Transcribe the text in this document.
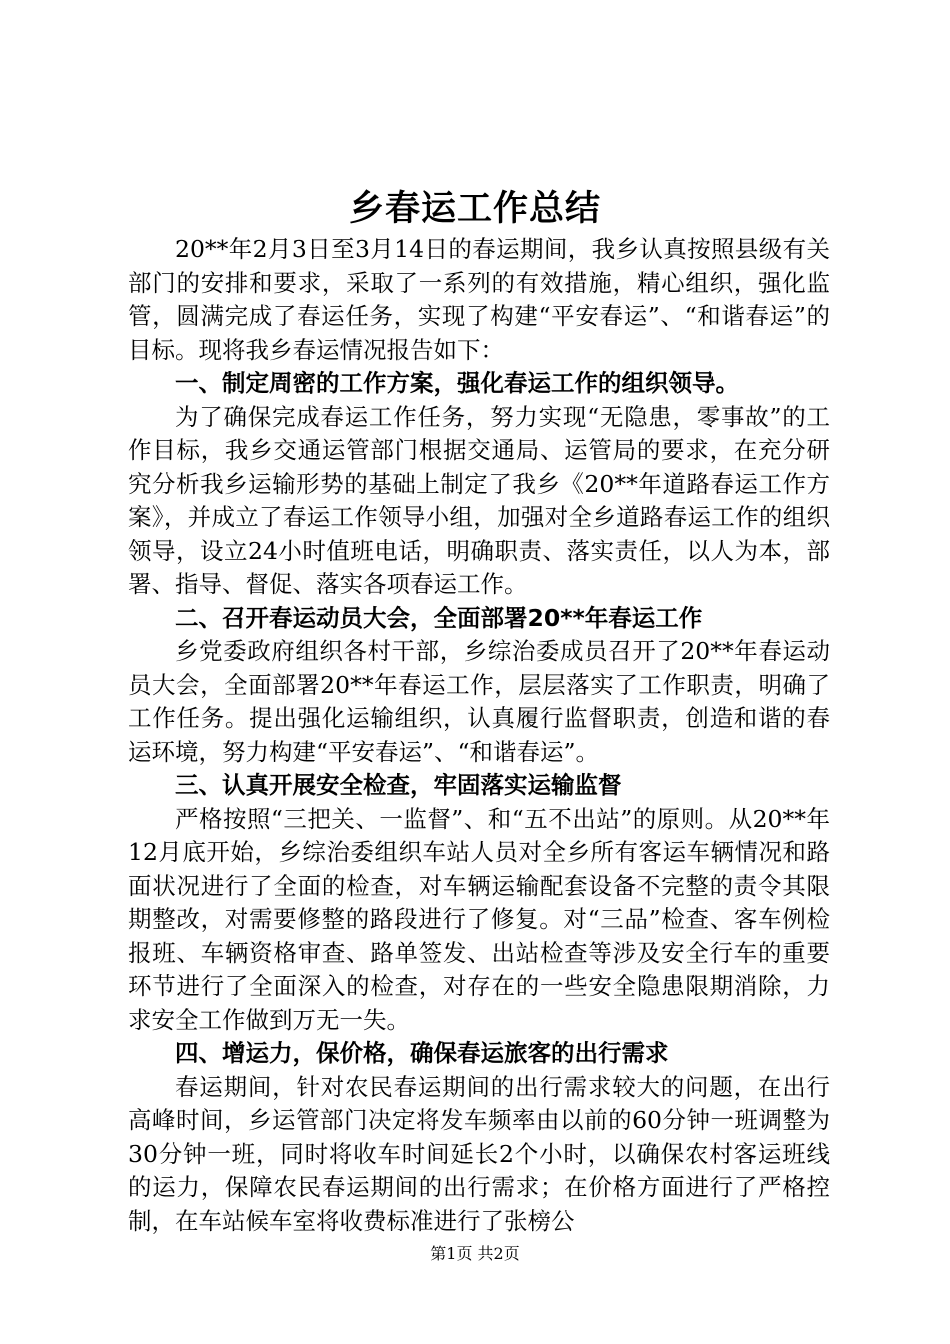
乡春运工作总结

20**年2月3日至3月14日的春运期间，我乡认真按照县级有关部门的安排和要求，采取了一系列的有效措施，精心组织，强化监管，圆满完成了春运任务，实现了构建“平安春运”、“和谐春运”的目标。现将我乡春运情况报告如下：

一、制定周密的工作方案，强化春运工作的组织领导。

为了确保完成春运工作任务，努力实现“无隐患，零事故”的工作目标，我乡交通运管部门根据交通局、运管局的要求，在充分研究分析我乡运输形势的基础上制定了我乡《20**年道路春运工作方案》，并成立了春运工作领导小组，加强对全乡道路春运工作的组织领导，设立24小时值班电话，明确职责、落实责任，以人为本，部署、指导、督促、落实各项春运工作。

二、召开春运动员大会，全面部署20**年春运工作

乡党委政府组织各村干部，乡综治委成员召开了20**年春运动员大会，全面部署20**年春运工作，层层落实了工作职责，明确了工作任务。提出强化运输组织，认真履行监督职责，创造和谐的春运环境，努力构建“平安春运”、“和谐春运”。

三、认真开展安全检查，牢固落实运输监督

严格按照“三把关、一监督”、和“五不出站”的原则。从20**年12月底开始，乡综治委组织车站人员对全乡所有客运车辆情况和路面状况进行了全面的检查，对车辆运输配套设备不完整的责令其限期整改，对需要修整的路段进行了修复。对“三品”检查、客车例检报班、车辆资格审查、路单签发、出站检查等涉及安全行车的重要环节进行了全面深入的检查，对存在的一些安全隐患限期消除，力求安全工作做到万无一失。

四、增运力，保价格，确保春运旅客的出行需求

春运期间，针对农民春运期间的出行需求较大的问题，在出行高峰时间，乡运管部门决定将发车频率由以前的60分钟一班调整为30分钟一班，同时将收车时间延长2个小时，以确保农村客运班线的运力，保障农民春运期间的出行需求；在价格方面进行了严格控制，在车站候车室将收费标准进行了张榜公

第1页 共2页
